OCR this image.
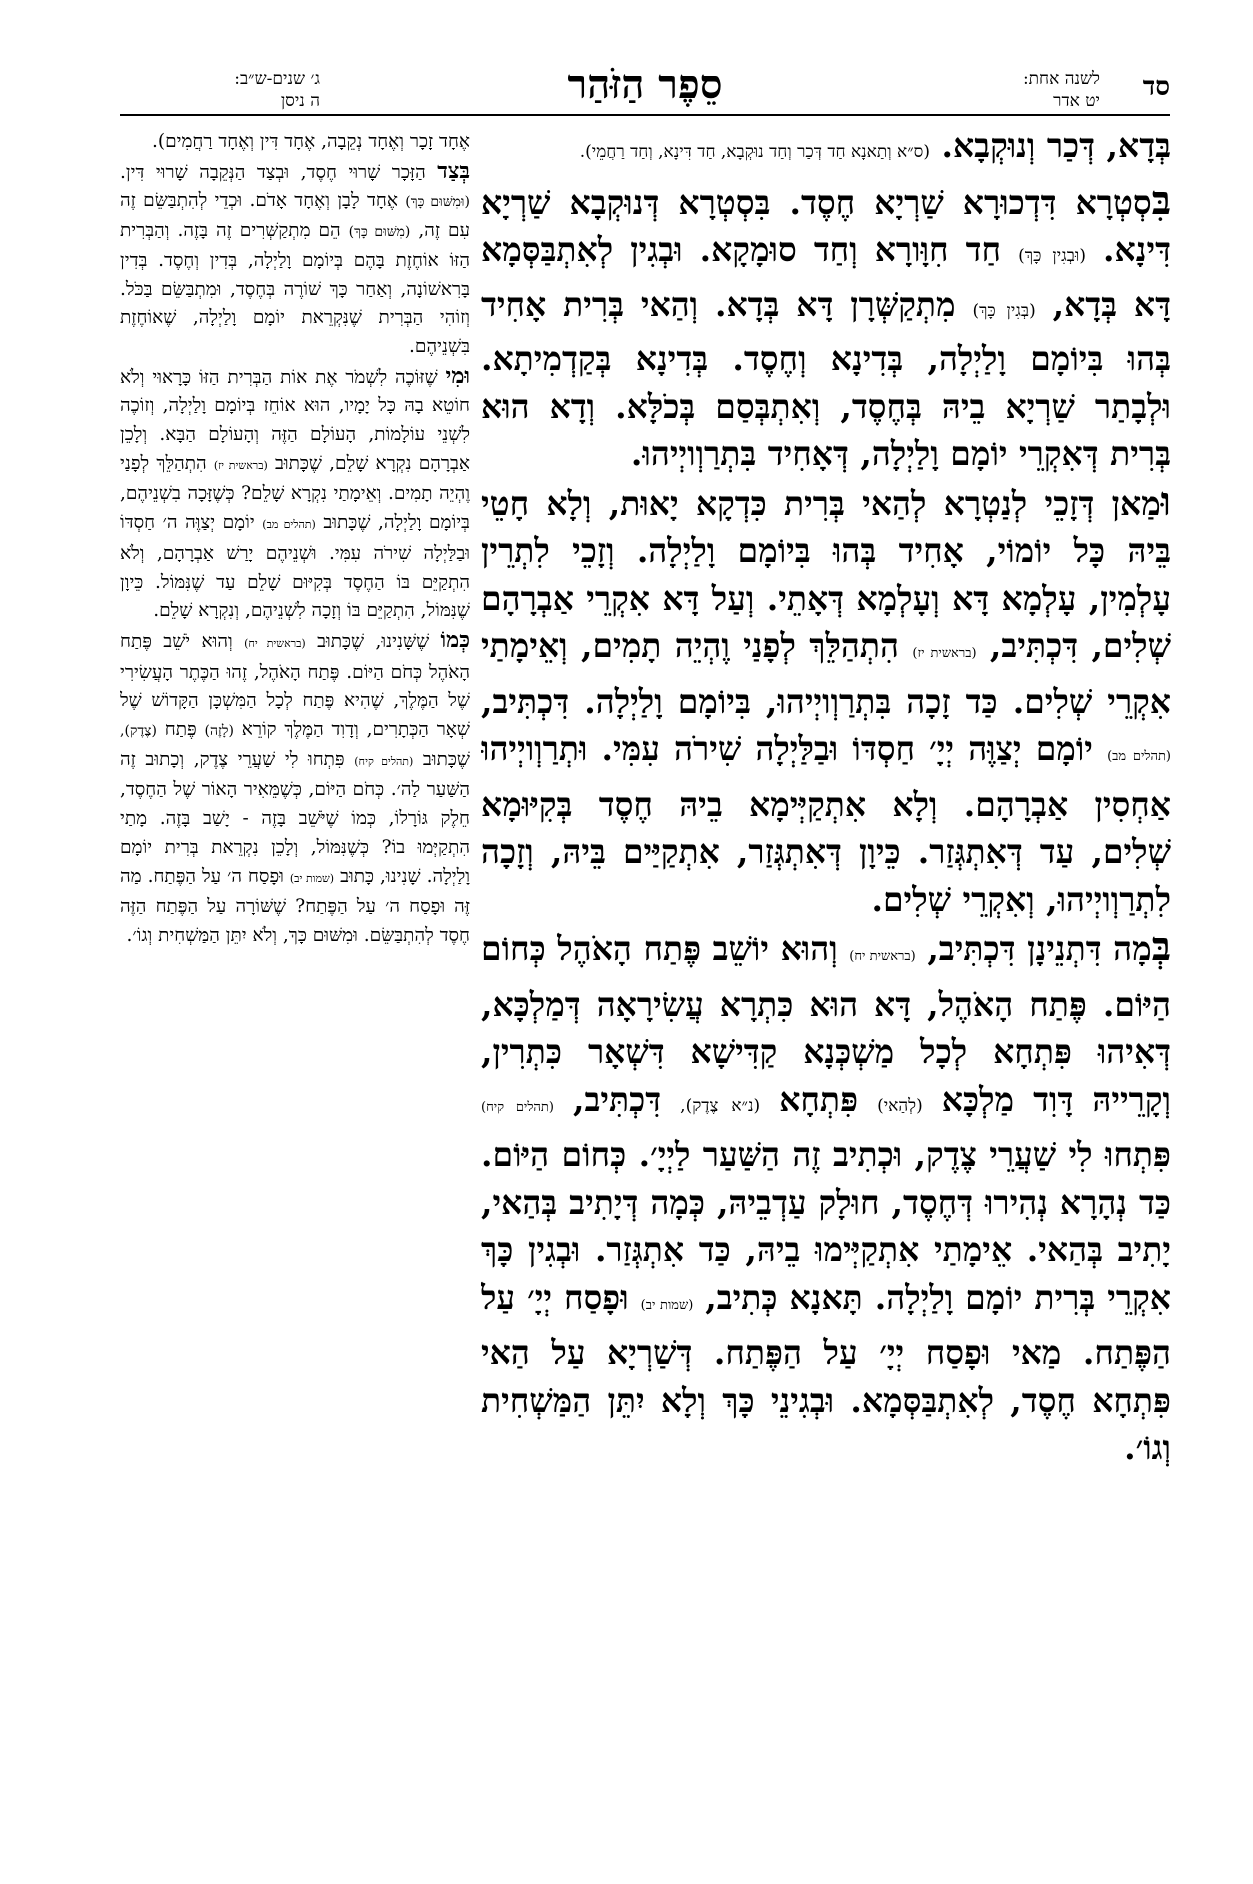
סד
לשנה אחת:
יט אדר
סֵפֶר הַזֹּהַר
ג׳ שנים-ש״ב:
ה ניסן

בְּדָא, דְּכַר וְנוּקְבָא. (ס״א וְתַאנָא חַד דְּכַר וְחַד נוּקְבָא, חַד דִּינָא, וְחַד רַחֲמֵי).

בִּסְטְרָא דִּדְכוּרָא שַׁרְיָא חֶסֶד. בִּסְטְרָא דְּנוּקְבָא שַׁרְיָא דִּינָא. (וּבְגִין כָּךְ) חַד חִוָּורָא וְחַד סוּמָקָא. וּבְגִין לְאִתְבַּסְּמָא דָּא בְּדָא, (בְּגִין כָּךְ) מִתְקַשְּׁרָן דָּא בְּדָא. וְהַאי בְּרִית אָחִיד בְּהוּ בִּיוֹמָם וָלַיְלָה, בְּדִינָא וְחֶסֶד. בְּדִינָא בְּקַדְמִיתָא. וּלְבָתַר שַׁרְיָא בֵיהּ בְּחֶסֶד, וְאִתְבְּסַם בְּכֹלָּא. וְדָא הוּא בְּרִית דְּאִקְרֵי יוֹמָם וָלַיְלָה, דְּאָחִיד בִּתְרַוְויְיהוּ.

וּמַאן דְּזָכֵי לְנַטְרָא לְהַאי בְּרִית כִּדְקָא יָאוּת, וְלָא חָטֵי בֵּיהּ כָּל יוֹמוֹי, אָחִיד בְּהוּ בִּיוֹמָם וָלַיְלָה. וְזָכֵי לִתְרֵין עָלְמִין, עָלְמָא דָּא וְעָלְמָא דְּאָתֵי. וְעַל דָּא אִקְרֵי אַבְרָהָם שְׁלִים, דִּכְתִּיב, (בראשית יז) הִתְהַלֵּךְ לְפָנַי וֶהְיֵה תָמִים, וְאֵימָתַי אִקְרֵי שְׁלִים. כַּד זָכָה בִּתְרַוְויְיהוּ, בִּיוֹמָם וָלַיְלָה. דִּכְתִּיב, (תהלים מב) יוֹמָם יְצַוֶּה יְיָ׳ חַסְדּוֹ וּבַלַּיְלָה שִׁירֹה עִמִּי. וּתְרַוְויְיהוּ אַחְסִין אַבְרָהָם. וְלָא אִתְקַיְּימָא בֵיהּ חֶסֶד בְּקִיּוּמָא שְׁלִים, עַד דְּאִתְגְּזַר. כֵּיוָן דְּאִתְגְּזַר, אִתְקַיַּים בֵּיהּ, וְזָכָה לִתְרַוְויְיהוּ, וְאִקְרֵי שְׁלִים.

בְּמָה דִּתְנֵינָן דִּכְתִּיב, (בראשית יח) וְהוּא יוֹשֵׁב פֶּתַח הָאֹהֶל כְּחוֹם הַיּוֹם. פֶּתַח הָאֹהֶל, דָּא הוּא כִּתְרָא עֲשִׂירָאָה דְּמַלְכָּא, דְּאִיהוּ פִּתְחָא לְכָל מַשְׁכְּנָא קַדִּישָׁא דִּשְׁאָר כִּתְרִין, וְקָרֵייהּ דָּוִד מַלְכָּא (לְהַאי) פִּתְחָא (נ״א צֶדֶק), דִּכְתִּיב, (תהלים קיח) פִּתְחוּ לִי שַׁעֲרֵי צֶדֶק, וּכְתִיב זֶה הַשַּׁעַר לַיְיָ׳. כְּחוֹם הַיּוֹם. כַּד נְהָרָא נְהִירוּ דְּחֶסֶד, חוּלָק עַדְבֵיהּ, כְּמָה דְּיָתִיב בְּהַאי, יָתִיב בְּהַאי. אֵימָתַי אִתְקַיְּימוּ בֵיהּ, כַּד אִתְגְּזַר. וּבְגִין כָּךְ אִקְרֵי בְּרִית יוֹמָם וָלַיְלָה. תָּאנָא כְּתִיב, (שמות יב) וּפָסַח יְיָ׳ עַל הַפֶּתַח. מַאי וּפָסַח יְיָ׳ עַל הַפֶּתַח. דְּשַׁרְיָא עַל הַאי פִּתְחָא חֶסֶד, לְאִתְבַּסְּמָא. וּבְגִינֵי כָּךְ וְלָא יִתֵּן הַמַּשְׁחִית וְגוֹ׳.

אֶחָד זָכָר וְאֶחָד נְקֵבָה, אֶחָד דִּין וְאֶחָד רַחֲמִים).

בְּצַד הַזָּכָר שָׁרוּי חֶסֶד, וּבְצַד הַנְּקֵבָה שָׁרוּי דִּין. (וּמִשּׁוּם כָּךְ) אֶחָד לָבָן וְאֶחָד אָדֹם. וּכְדֵי לְהִתְבַּשֵּׂם זֶה עִם זֶה, (מִשּׁוּם כָּךְ) הֵם מִתְקַשְּׁרִים זֶה בָּזֶה. וְהַבְּרִית הַזּוֹ אוֹחֶזֶת בָּהֶם בְּיוֹמָם וָלַיְלָה, בְּדִין וְחֶסֶד. בְּדִין בָּרִאשׁוֹנָה, וְאַחַר כָּךְ שׁוֹרֶה בְּחֶסֶד, וּמִתְבַּשֵּׂם בַּכֹּל. וְזוֹהִי הַבְּרִית שֶׁנִּקְרֵאת יוֹמָם וָלַיְלָה, שֶׁאוֹחֶזֶת בִּשְׁנֵיהֶם.

וּמִי שֶׁזּוֹכֶה לִשְׁמֹר אֶת אוֹת הַבְּרִית הַזּוֹ כָּרָאוּי וְלֹא חוֹטֵא בָהּ כָּל יָמָיו, הוּא אוֹחֵז בְּיוֹמָם וָלַיְלָה, וְזוֹכֶה לִשְׁנֵי עוֹלָמוֹת, הָעוֹלָם הַזֶּה וְהָעוֹלָם הַבָּא. וְלָכֵן אַבְרָהָם נִקְרָא שָׁלֵם, שֶׁכָּתוּב (בראשית יז) הִתְהַלֵּךְ לְפָנַי וֶהְיֵה תָמִים. וְאֵימָתַי נִקְרָא שָׁלֵם? כְּשֶׁזָּכָה בִשְׁנֵיהֶם, בְּיוֹמָם וָלַיְלָה, שֶׁכָּתוּב (תהלים מב) יוֹמָם יְצַוֶּה ה׳ חַסְדּוֹ וּבַלַּיְלָה שִׁירֹה עִמִּי. וּשְׁנֵיהֶם יָרַשׁ אַבְרָהָם, וְלֹא הִתְקַיֵּם בּוֹ הַחֶסֶד בְּקִיּוּם שָׁלֵם עַד שֶׁנִּמּוֹל. כֵּיוָן שֶׁנִּמּוֹל, הִתְקַיֵּם בּוֹ וְזָכָה לִשְׁנֵיהֶם, וְנִקְרָא שָׁלֵם.

כְּמוֹ שֶׁשָּׁנִינוּ, שֶׁכָּתוּב (בראשית יח) וְהוּא יֹשֵׁב פֶּתַח הָאֹהֶל כְּחֹם הַיּוֹם. פֶּתַח הָאֹהֶל, זֶהוּ הַכֶּתֶר הָעֲשִׂירִי שֶׁל הַמֶּלֶךְ, שֶׁהִיא פֶּתַח לְכָל הַמִּשְׁכָּן הַקָּדוֹשׁ שֶׁל שְׁאָר הַכְּתָרִים, וְדָוִד הַמֶּלֶךְ קוֹרֵא (לָזֶה) פֶּתַח (צֶדֶק), שֶׁכָּתוּב (תהלים קיח) פִּתְחוּ לִי שַׁעֲרֵי צֶדֶק, וְכָתוּב זֶה הַשַּׁעַר לַה׳. כְּחֹם הַיּוֹם, כְּשֶׁמֵּאִיר הָאוֹר שֶׁל הַחֶסֶד, חֵלֶק גּוֹרָלוֹ, כְּמוֹ שֶׁיֹּשֵׁב בָּזֶה - יָשַׁב בָּזֶה. מָתַי הִתְקַיְּמוּ בוֹ? כְּשֶׁנִּמּוֹל, וְלָכֵן נִקְרֵאת בְּרִית יוֹמָם וָלַיְלָה. שָׁנִינוּ, כָּתוּב (שמות יב) וּפָסַח ה׳ עַל הַפֶּתַח. מַה זֶּה וּפָסַח ה׳ עַל הַפֶּתַח? שֶׁשּׁוֹרָה עַל הַפֶּתַח הַזֶּה חֶסֶד לְהִתְבַּשֵּׂם. וּמִשּׁוּם כָּךְ, וְלֹא יִתֵּן הַמַּשְׁחִית וְגוֹ׳.
